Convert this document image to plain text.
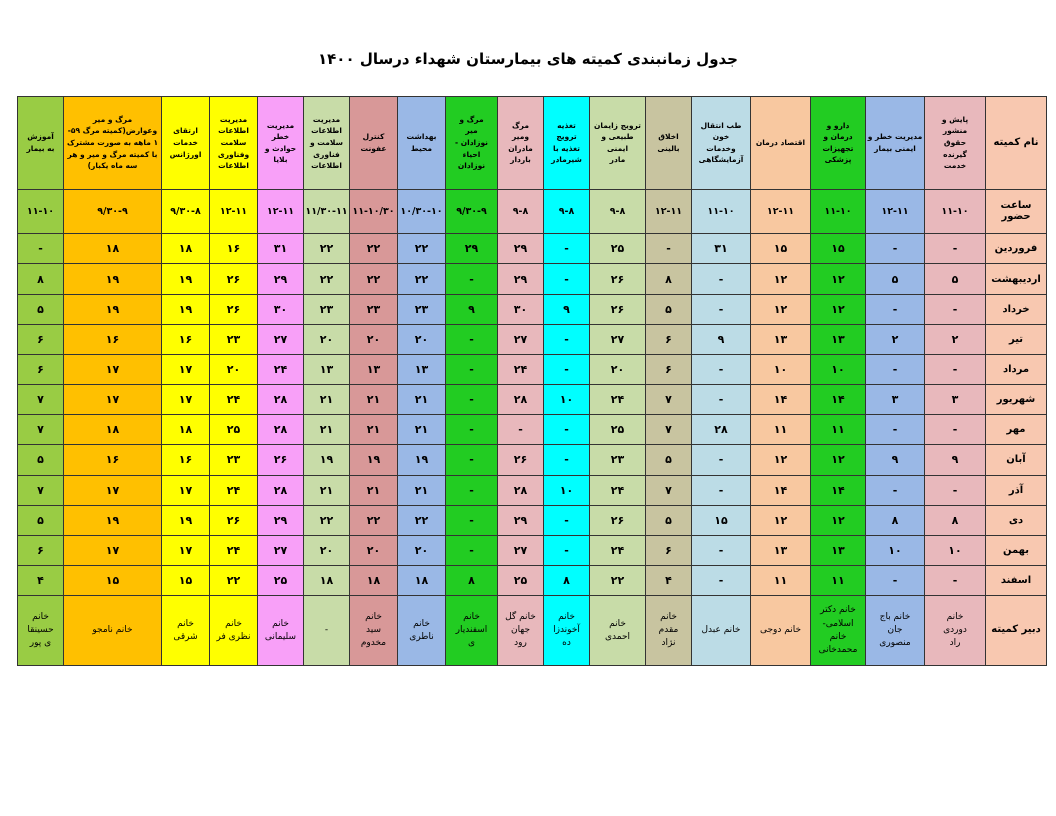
جدول زمانبندی کمیته های بیمارستان شهداء درسال ۱۴۰۰
نام کمیته	پایش و
منشور
حقوق
گیرنده
خدمت	مدیریت خطر و
ایمنی بیمار	دارو و
درمان و
تجهیزات
پزشکی	اقتصاد درمان	طب انتقال
خون
وخدمات
آزمایشگاهی	اخلاق
بالینی	ترویج زایمان
طبیعی و
ایمنی
مادر	تغذیه
ترویج
تغذیه با
شیرمادر	مرگ
ومیر
مادران
باردار	مرگ و
میر
نوزادان -
احیاء
نوزادان	بهداشت
محیط	کنترل
عفونت	مدیریت
اطلاعات
سلامت و
فناوری
اطلاعات	مدیریت
خطر
حوادث و
بلایا	مدیریت
اطلاعات
سلامت
وفناوری
اطلاعات	ارتقای
خدمات
اورژانس	مرگ و میر
وعوارض(کمیته مرگ ۵۹-
۱ ماهه به صورت مشترک
با کمیته مرگ و میر و هر
سه ماه یکبار)	آموزش
به بیمار
ساعت حضور	۱۱-۱۰	۱۲-۱۱	۱۱-۱۰	۱۲-۱۱	۱۱-۱۰	۱۲-۱۱	۹-۸	۹-۸	۹-۸	۹/۳۰-۹	۱۰/۳۰-۱۰	۱۱-۱۰/۳۰	۱۱/۳۰-۱۱	۱۲-۱۱	۱۲-۱۱	۹/۳۰-۸	۹/۳۰-۹	۱۱-۱۰
فروردین	-	-	۱۵	۱۵	۳۱	-	۲۵	-	۲۹	۲۹	۲۲	۲۲	۲۲	۳۱	۱۶	۱۸	۱۸	-
اردیبهشت	۵	۵	۱۲	۱۲	-	۸	۲۶	-	۲۹	-	۲۲	۲۲	۲۲	۲۹	۲۶	۱۹	۱۹	۸
خرداد	-	-	۱۲	۱۲	-	۵	۲۶	۹	۳۰	۹	۲۳	۲۳	۲۳	۳۰	۲۶	۱۹	۱۹	۵
تیر	۲	۲	۱۳	۱۳	۹	۶	۲۷	-	۲۷	-	۲۰	۲۰	۲۰	۲۷	۲۳	۱۶	۱۶	۶
مرداد	-	-	۱۰	۱۰	-	۶	۲۰	-	۲۴	-	۱۳	۱۳	۱۳	۲۴	۲۰	۱۷	۱۷	۶
شهریور	۳	۳	۱۴	۱۴	-	۷	۲۴	۱۰	۲۸	-	۲۱	۲۱	۲۱	۲۸	۲۴	۱۷	۱۷	۷
مهر	-	-	۱۱	۱۱	۲۸	۷	۲۵	-	-	-	۲۱	۲۱	۲۱	۲۸	۲۵	۱۸	۱۸	۷
آبان	۹	۹	۱۲	۱۲	-	۵	۲۳	-	۲۶	-	۱۹	۱۹	۱۹	۲۶	۲۳	۱۶	۱۶	۵
آذر	-	-	۱۴	۱۴	-	۷	۲۴	۱۰	۲۸	-	۲۱	۲۱	۲۱	۲۸	۲۴	۱۷	۱۷	۷
دی	۸	۸	۱۲	۱۲	۱۵	۵	۲۶	-	۲۹	-	۲۲	۲۲	۲۲	۲۹	۲۶	۱۹	۱۹	۵
بهمن	۱۰	۱۰	۱۳	۱۳	-	۶	۲۴	-	۲۷	-	۲۰	۲۰	۲۰	۲۷	۲۴	۱۷	۱۷	۶
اسفند	-	-	۱۱	۱۱	-	۴	۲۲	۸	۲۵	۸	۱۸	۱۸	۱۸	۲۵	۲۲	۱۵	۱۵	۴
دبیر کمیته	خانم
دوردی
راد	خانم باج
جان
منصوری	خانم دکتر
اسلامی-
خانم
محمدخانی	خانم دوجی	خانم عبدل	خانم
مقدم
نژاد	خانم
احمدی	خانم
آخوندزا
ده	خانم گل
جهان
رود	خانم
اسفندیار
ی	خانم
ناطری	خانم
سید
مخدوم	-	خانم
سلیمانی	خانم
نظری فر	خانم
شرقی	خانم نامجو	خانم
حسینقا
ی پور
